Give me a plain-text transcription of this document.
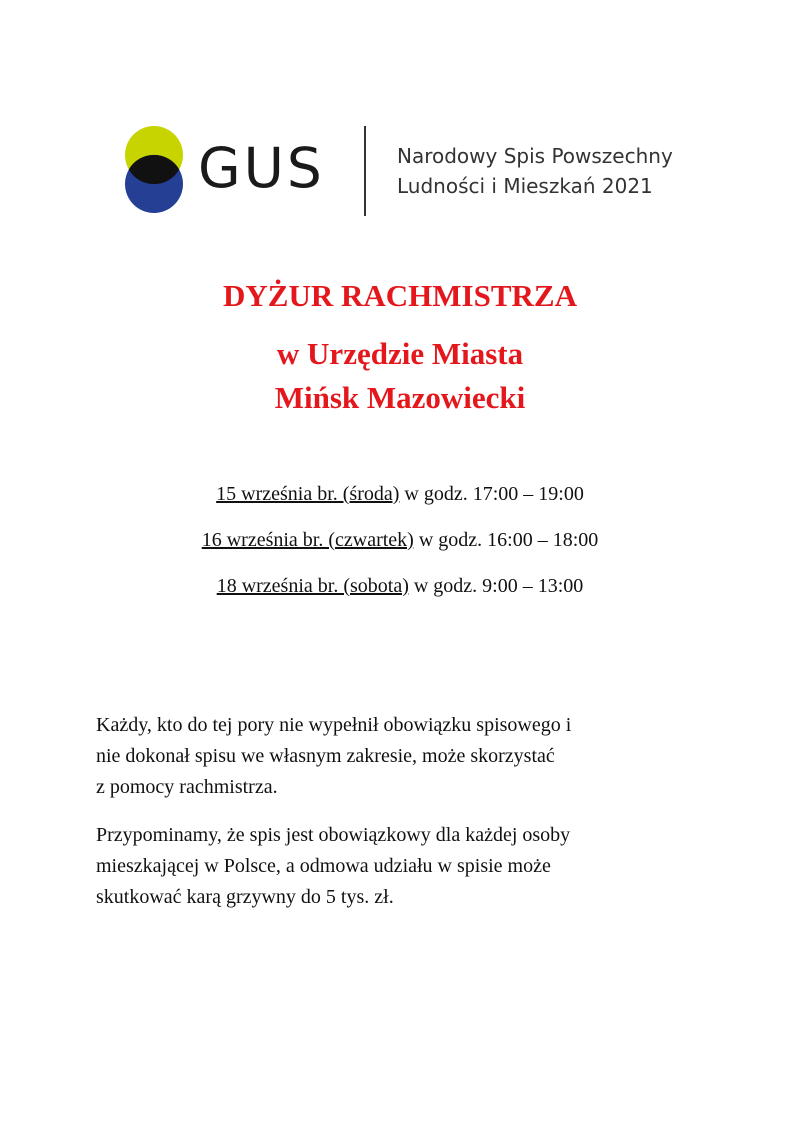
GUS	Narodowy Spis Powszechny
Ludności i Mieszkań 2021
DYŻUR RACHMISTRZA
w Urzędzie Miasta
Mińsk Mazowiecki
15 września br. (środa) w godz. 17:00 – 19:00
16 września br. (czwartek) w godz. 16:00 – 18:00
18 września br. (sobota) w godz. 9:00 – 13:00

Każdy, kto do tej pory nie wypełnił obowiązku spisowego i
nie dokonał spisu we własnym zakresie, może skorzystać
z pomocy rachmistrza.

Przypominamy, że spis jest obowiązkowy dla każdej osoby
mieszkającej w Polsce, a odmowa udziału w spisie może
skutkować karą grzywny do 5 tys. zł.
